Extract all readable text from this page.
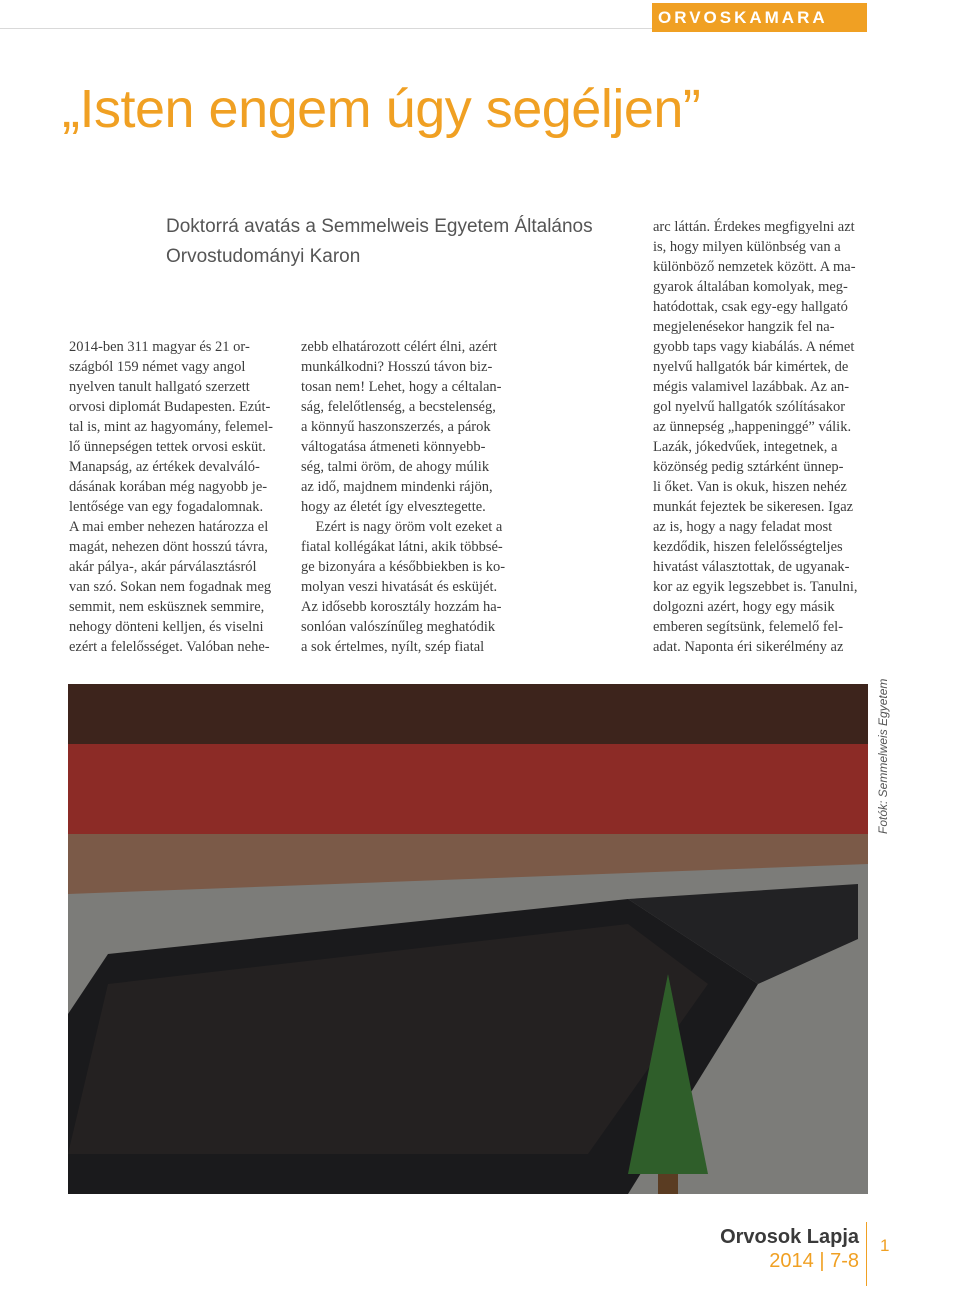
ORVOSKAMARA
„Isten engem úgy segéljen”
Doktorrá avatás a Semmelweis Egyetem Általános Orvostudományi Karon

2014-ben 311 magyar és 21 or-
szágból 159 német vagy angol
nyelven tanult hallgató szerzett
orvosi diplomát Budapesten. Ezút-
tal is, mint az hagyomány, felemel-
lő ünnepségen tettek orvosi esküt.
Manapság, az értékek devalváló-
dásának korában még nagyobb je-
lentősége van egy fogadalomnak.
A mai ember nehezen határozza el
magát, nehezen dönt hosszú távra,
akár pálya-, akár párválasztásról
van szó. Sokan nem fogadnak meg
semmit, nem esküsznek semmire,
nehogy dönteni kelljen, és viselni
ezért a felelősséget. Valóban nehe-

zebb elhatározott célért élni, azért
munkálkodni? Hosszú távon biz-
tosan nem! Lehet, hogy a céltalan-
ság, felelőtlenség, a becstelenség,
a könnyű haszonszerzés, a párok
váltogatása átmeneti könnyebb-
ség, talmi öröm, de ahogy múlik
az idő, majdnem mindenki rájön,
hogy az életét így elvesztegette.
Ezért is nagy öröm volt ezeket a
fiatal kollégákat látni, akik többsé-
ge bizonyára a későbbiekben is ko-
molyan veszi hivatását és esküjét.
Az idősebb korosztály hozzám ha-
sonlóan valószínűleg meghatódik
a sok értelmes, nyílt, szép fiatal

arc láttán. Érdekes megfigyelni azt
is, hogy milyen különbség van a
különböző nemzetek között. A ma-
gyarok általában komolyak, meg-
hatódottak, csak egy-egy hallgató
megjelenésekor hangzik fel na-
gyobb taps vagy kiabálás. A német
nyelvű hallgatók bár kimértek, de
mégis valamivel lazábbak. Az an-
gol nyelvű hallgatók szólításakor
az ünnepség „happeninggé” válik.
Lazák, jókedvűek, integetnek, a
közönség pedig sztárként ünnep-
li őket. Van is okuk, hiszen nehéz
munkát fejeztek be sikeresen. Igaz
az is, hogy a nagy feladat most
kezdődik, hiszen felelősségteljes
hivatást választottak, de ugyanak-
kor az egyik legszebbet is. Tanulni,
dolgozni azért, hogy egy másik
emberen segítsünk, felemelő fel-
adat. Naponta éri sikerélmény az

Fotók: Semmelweis Egyetem
Orvosok Lapja
2014 | 7-8
1
